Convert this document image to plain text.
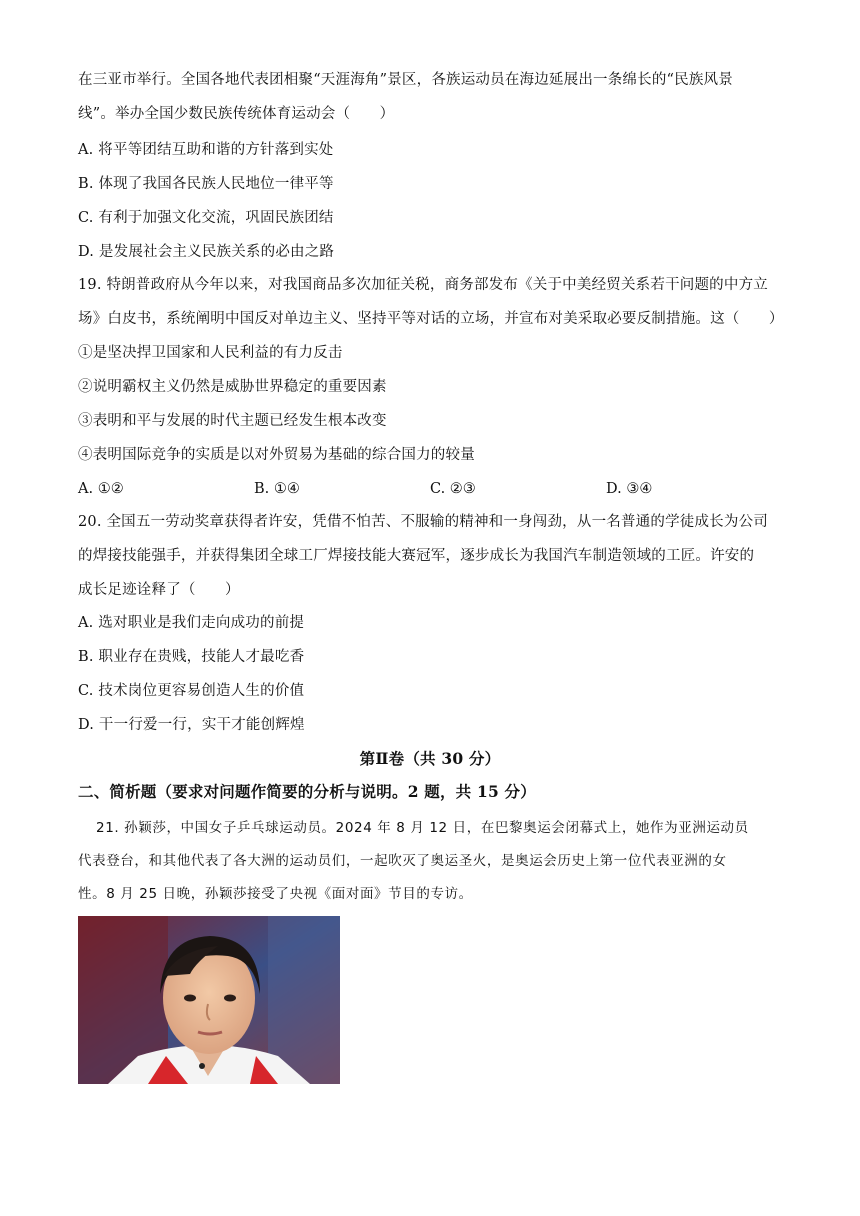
在三亚市举行。全国各地代表团相聚“天涯海角”景区，各族运动员在海边延展出一条绵长的“民族风景
线”。举办全国少数民族传统体育运动会（　　）
A. 将平等团结互助和谐的方针落到实处
B. 体现了我国各民族人民地位一律平等
C. 有利于加强文化交流，巩固民族团结
D. 是发展社会主义民族关系的必由之路
19. 特朗普政府从今年以来，对我国商品多次加征关税，商务部发布《关于中美经贸关系若干问题的中方立
场》白皮书，系统阐明中国反对单边主义、坚持平等对话的立场，并宣布对美采取必要反制措施。这（　　）
①是坚决捍卫国家和人民利益的有力反击
②说明霸权主义仍然是威胁世界稳定的重要因素
③表明和平与发展的时代主题已经发生根本改变
④表明国际竞争的实质是以对外贸易为基础的综合国力的较量
A. ①②	B. ①④	C. ②③	D. ③④
20. 全国五一劳动奖章获得者许安，凭借不怕苦、不服输的精神和一身闯劲，从一名普通的学徒成长为公司
的焊接技能强手，并获得集团全球工厂焊接技能大赛冠军，逐步成长为我国汽车制造领域的工匠。许安的
成长足迹诠释了（　　）
A. 选对职业是我们走向成功的前提
B. 职业存在贵贱，技能人才最吃香
C. 技术岗位更容易创造人生的价值
D. 干一行爱一行，实干才能创辉煌
第Ⅱ卷（共 30 分）
二、简析题（要求对问题作简要的分析与说明。2 题，共 15 分）
21. 孙颖莎，中国女子乒乓球运动员。2024 年 8 月 12 日，在巴黎奥运会闭幕式上，她作为亚洲运动员
代表登台，和其他代表了各大洲的运动员们，一起吹灭了奥运圣火，是奥运会历史上第一位代表亚洲的女
性。8 月 25 日晚，孙颖莎接受了央视《面对面》节目的专访。
